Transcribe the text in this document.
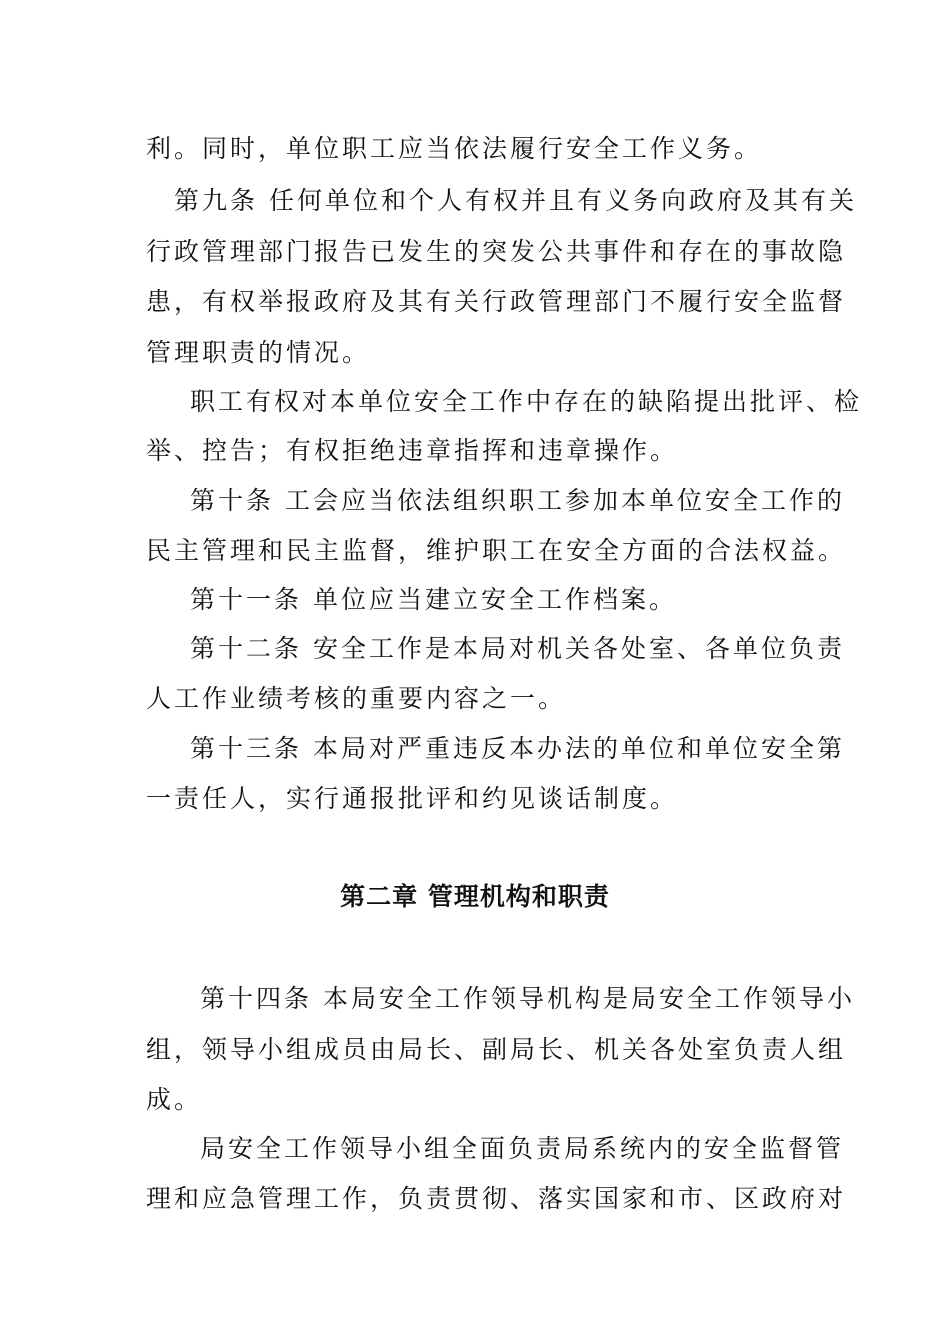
利。同时，单位职工应当依法履行安全工作义务。
第九条 任何单位和个人有权并且有义务向政府及其有关
行政管理部门报告已发生的突发公共事件和存在的事故隐
患，有权举报政府及其有关行政管理部门不履行安全监督
管理职责的情况。
职工有权对本单位安全工作中存在的缺陷提出批评、检
举、控告；有权拒绝违章指挥和违章操作。
第十条 工会应当依法组织职工参加本单位安全工作的
民主管理和民主监督，维护职工在安全方面的合法权益。
第十一条 单位应当建立安全工作档案。
第十二条 安全工作是本局对机关各处室、各单位负责
人工作业绩考核的重要内容之一。
第十三条 本局对严重违反本办法的单位和单位安全第
一责任人，实行通报批评和约见谈话制度。
第二章 管理机构和职责
第十四条 本局安全工作领导机构是局安全工作领导小
组，领导小组成员由局长、副局长、机关各处室负责人组
成。
局安全工作领导小组全面负责局系统内的安全监督管
理和应急管理工作，负责贯彻、落实国家和市、区政府对
